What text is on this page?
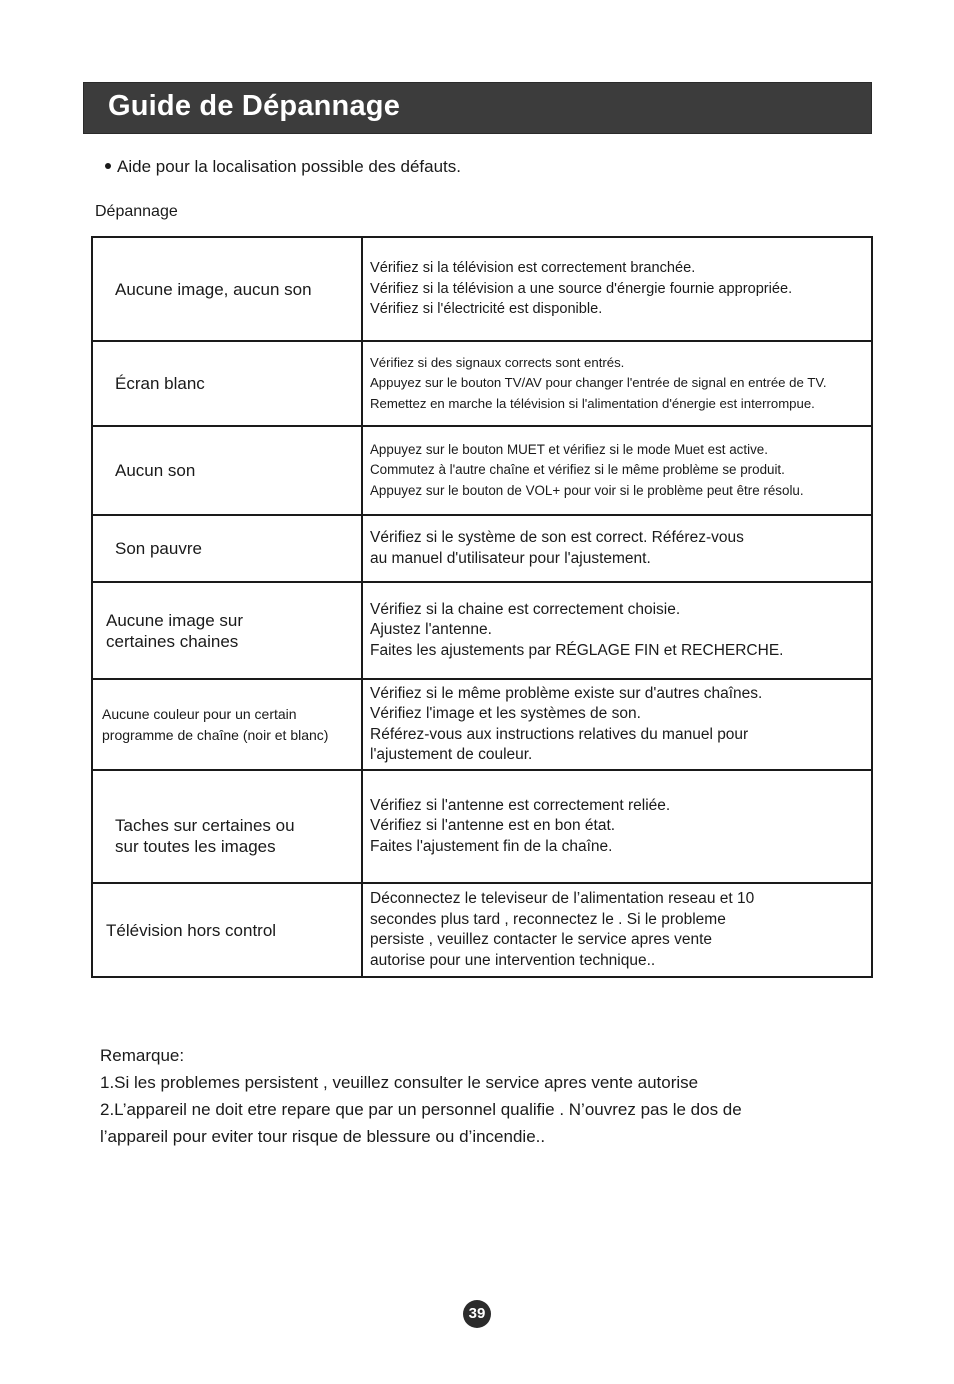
Guide de Dépannage
Aide pour la localisation possible des défauts.
Dépannage
Aucune image, aucun son	Vérifiez si la télévision est correctement branchée.
Vérifiez si la télévision a une source d'énergie fournie appropriée.
Vérifiez si l'électricité est disponible.

Écran blanc	Vérifiez si des signaux corrects sont entrés.
Appuyez sur le bouton TV/AV pour changer l'entrée de signal en entrée de TV.
Remettez en marche la télévision si l'alimentation d'énergie est interrompue.

Aucun son	Appuyez sur le bouton MUET et vérifiez si le mode Muet est active.
Commutez à l'autre chaîne et vérifiez si le même problème se produit.
Appuyez sur le bouton de VOL+ pour voir si le problème peut être résolu.

Son pauvre	Vérifiez si le système de son est correct. Référez-vous
au manuel d'utilisateur pour l'ajustement.

Aucune image sur
certaines chaines	Vérifiez si la chaine est correctement choisie.
Ajustez l'antenne.
Faites les ajustements par RÉGLAGE FIN et RECHERCHE.

Aucune couleur pour un certain
programme de chaîne (noir et blanc)	Vérifiez si le même problème existe sur d'autres chaînes.
Vérifiez l'image et les systèmes de son.
Référez-vous aux instructions relatives du manuel pour
l'ajustement de couleur.

Taches sur certaines ou
sur toutes les images	Vérifiez si l'antenne est correctement reliée.
Vérifiez si l'antenne est en bon état.
Faites l'ajustement fin de la chaîne.

Télévision hors control	Déconnectez le televiseur de l’alimentation reseau et 10
secondes plus tard , reconnectez le . Si le probleme
persiste , veuillez contacter le service apres vente
autorise pour une intervention technique..
Remarque:
1.Si les problemes persistent , veuillez consulter le service apres vente autorise
2.L’appareil ne doit etre repare que par un personnel qualifie . N’ouvrez pas le dos de
l’appareil pour eviter tour risque de blessure ou d’incendie..
39
